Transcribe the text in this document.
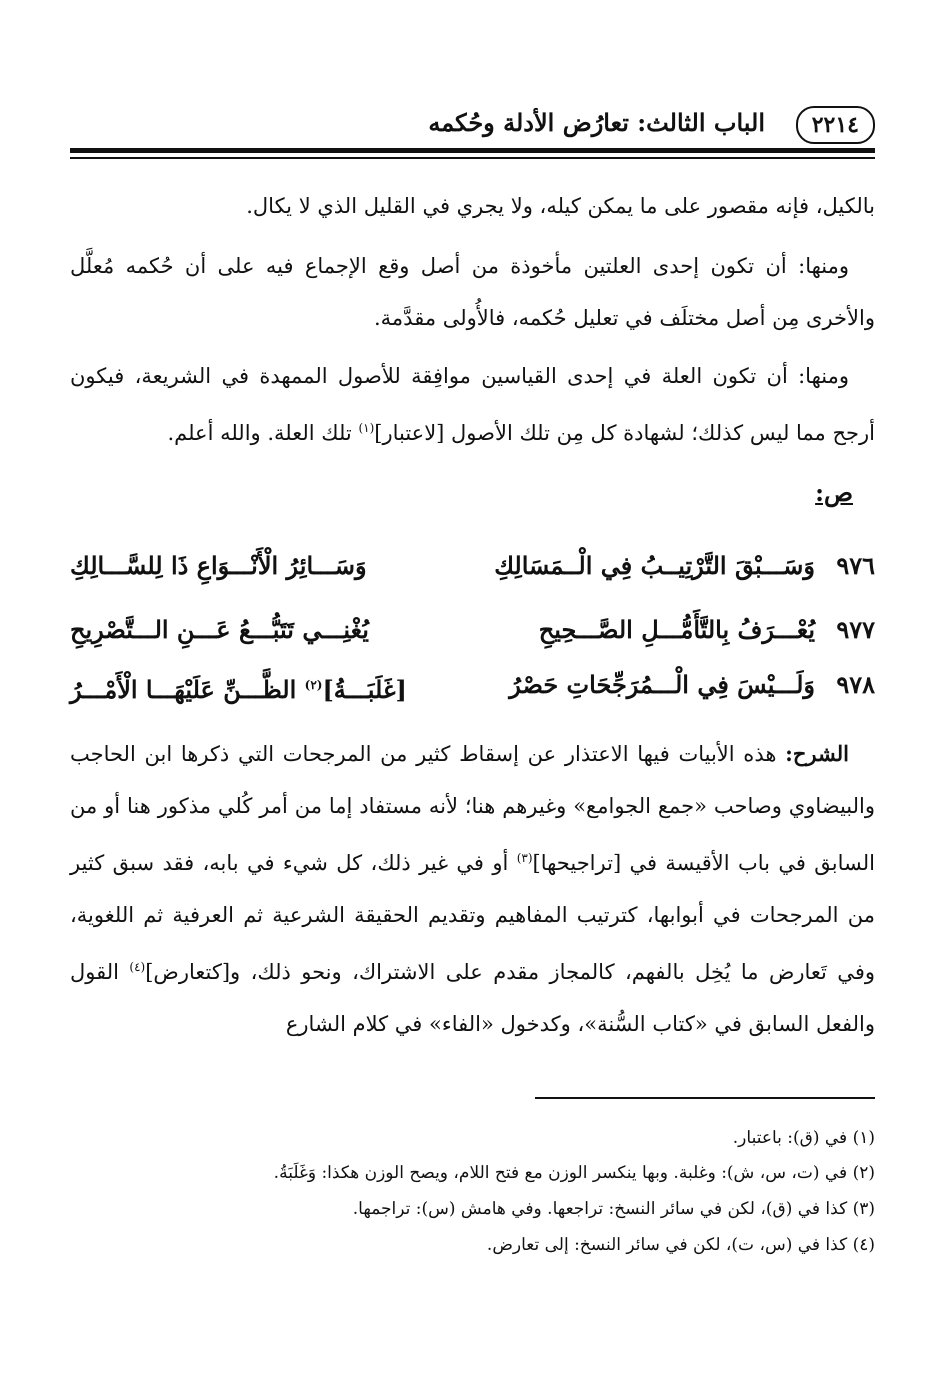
٢٢١٤
الباب الثالث: تعارُض الأدلة وحُكمه

بالكيل، فإنه مقصور على ما يمكن كيله، ولا يجري في القليل الذي لا يكال.

ومنها: أن تكون إحدى العلتين مأخوذة من أصل وقع الإجماع فيه على أن حُكمه مُعلَّل والأخرى مِن أصل مختلَف في تعليل حُكمه، فالأُولى مقدَّمة.

ومنها: أن تكون العلة في إحدى القياسين موافِقة للأصول الممهدة في الشريعة، فيكون أرجح مما ليس كذلك؛ لشهادة كل مِن تلك الأصول [لاعتبار]$^{(١)}$ تلك العلة. والله أعلم.

ص:
٩٧٦
وَسَـــبْقَ التَّرْتِيــبُ فِي الْــمَسَالِكِ
وَسَـــائِرُ الْأَنْـــوَاعِ ذَا لِلسَّـــالِكِ
٩٧٧
يُعْـــرَفُ بِالتَّأَمُّـــلِ الصَّـــحِيحِ
يُغْنِـــي تَتَبُّـــعُ عَـــنِ الـــتَّصْرِيحِ
٩٧٨
وَلَـــيْسَ فِي الْـــمُرَجِّحَاتِ حَصْرُ
[غَلَبَـــةُ]$^{(٢)}$ الظَّـــنِّ عَلَيْهَـــا الْأَمْـــرُ

الشرح: هذه الأبيات فيها الاعتذار عن إسقاط كثير من المرجحات التي ذكرها ابن الحاجب والبيضاوي وصاحب «جمع الجوامع» وغيرهم هنا؛ لأنه مستفاد إما من أمر كُلي مذكور هنا أو من السابق في باب الأقيسة في [تراجيحها]$^{(٣)}$ أو في غير ذلك، كل شيء في بابه، فقد سبق كثير من المرجحات في أبوابها، كترتيب المفاهيم وتقديم الحقيقة الشرعية ثم العرفية ثم اللغوية، وفي تَعارض ما يُخِل بالفهم، كالمجاز مقدم على الاشتراك، ونحو ذلك، و[كتعارض]$^{(٤)}$ القول والفعل السابق في «كتاب السُّنة»، وكدخول «الفاء» في كلام الشارع

(١) في (ق): باعتبار.
(٢) في (ت، س، ش): وغلبة. وبها ينكسر الوزن مع فتح اللام، ويصح الوزن هكذا: وَغَلَبَةُ.
(٣) كذا في (ق)، لكن في سائر النسخ: تراجعها. وفي هامش (س): تراجمها.
(٤) كذا في (س، ت)، لكن في سائر النسخ: إلى تعارض.
